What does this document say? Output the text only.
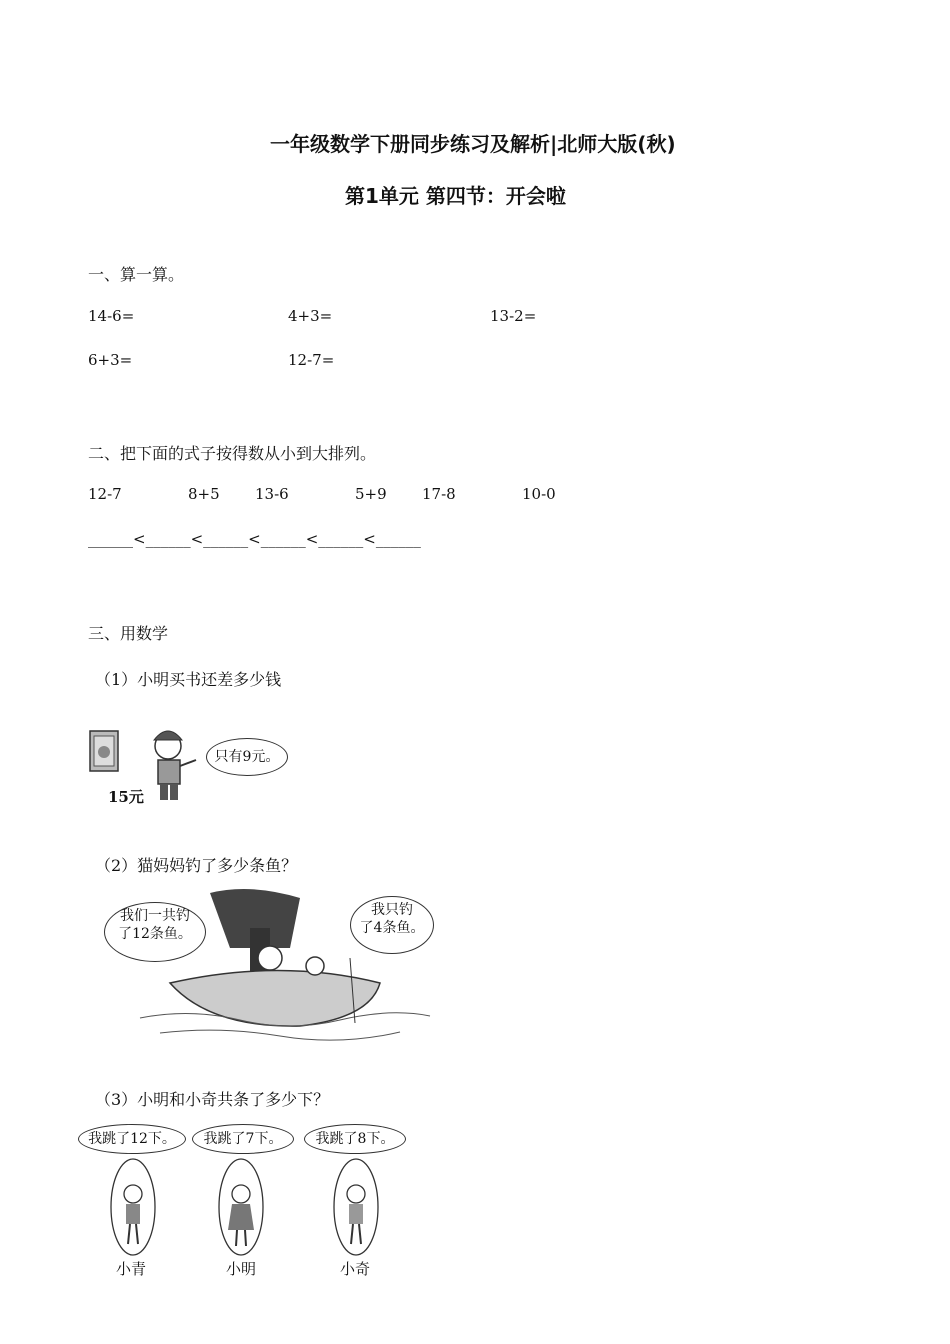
一年级数学下册同步练习及解析|北师大版(秋)
第1单元 第四节：开会啦
一、算一算。
14-6=	4+3=	13-2=
6+3=	12-7=
二、把下面的式子按得数从小到大排列。
12-7	8+5 13-6	5+9 17-8	10-0
______<______<______<______<______<______
三、用数学
（1）小明买书还差多少钱
15元
只有9元。
（2）猫妈妈钓了多少条鱼？
我们一共钓
了12条鱼。
我只钓
了4条鱼。
（3）小明和小奇共条了多少下？
我跳了12下。	我跳了7下。	我跳了8下。
小青	小明	小奇
